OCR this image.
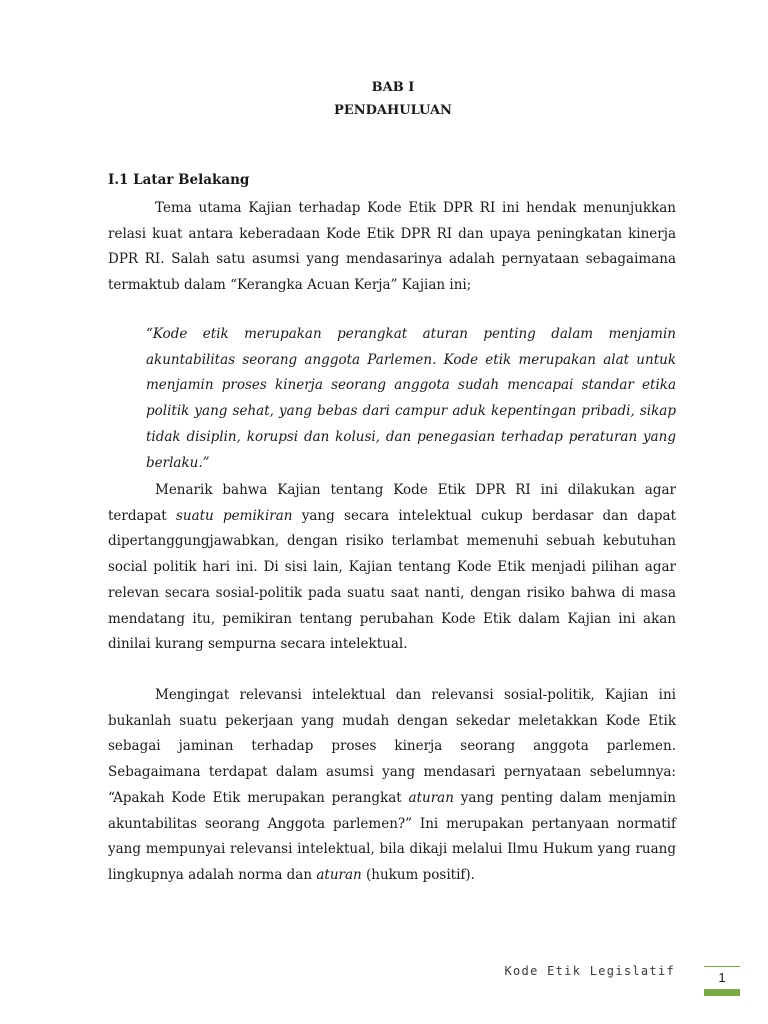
BAB I
PENDAHULUAN
I.1 Latar Belakang

Tema utama Kajian terhadap Kode Etik DPR RI ini hendak menunjukkan relasi kuat antara keberadaan Kode Etik DPR RI dan upaya peningkatan kinerja DPR RI. Salah satu asumsi yang mendasarinya adalah pernyataan sebagaimana termaktub dalam “Kerangka Acuan Kerja” Kajian ini;

“Kode etik merupakan perangkat aturan penting dalam menjamin akuntabilitas seorang anggota Parlemen. Kode etik merupakan alat untuk menjamin proses kinerja seorang anggota sudah mencapai standar etika politik yang sehat, yang bebas dari campur aduk kepentingan pribadi, sikap tidak disiplin, korupsi dan kolusi, dan penegasian terhadap peraturan yang berlaku.”

Menarik bahwa Kajian tentang Kode Etik DPR RI ini dilakukan agar terdapat suatu pemikiran yang secara intelektual cukup berdasar dan dapat dipertanggungjawabkan, dengan risiko terlambat memenuhi sebuah kebutuhan social politik hari ini. Di sisi lain, Kajian tentang Kode Etik menjadi pilihan agar relevan secara sosial-politik pada suatu saat nanti, dengan risiko bahwa di masa mendatang itu, pemikiran tentang perubahan Kode Etik dalam Kajian ini akan dinilai kurang sempurna secara intelektual.

Mengingat relevansi intelektual dan relevansi sosial-politik, Kajian ini bukanlah suatu pekerjaan yang mudah dengan sekedar meletakkan Kode Etik sebagai jaminan terhadap proses kinerja seorang anggota parlemen. Sebagaimana terdapat dalam asumsi yang mendasari pernyataan sebelumnya: “Apakah Kode Etik merupakan perangkat aturan yang penting dalam menjamin akuntabilitas seorang Anggota parlemen?” Ini merupakan pertanyaan normatif yang mempunyai relevansi intelektual, bila dikaji melalui Ilmu Hukum yang ruang lingkupnya adalah norma dan aturan (hukum positif).

Kode Etik Legislatif	1
